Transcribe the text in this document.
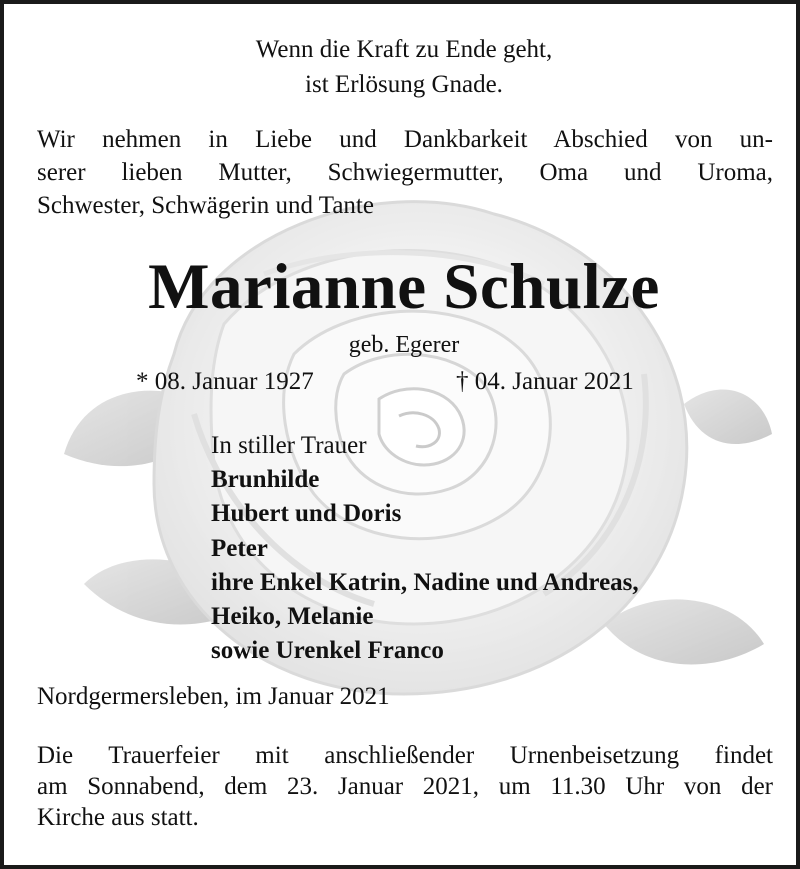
Wenn die Kraft zu Ende geht,
ist Erlösung Gnade.
Wir nehmen in Liebe und Dankbarkeit Abschied von un-
serer lieben Mutter, Schwiegermutter, Oma und Uroma,
Schwester, Schwägerin und Tante
Marianne Schulze
geb. Egerer
* 08. Januar 1927	† 04. Januar 2021
In stiller Trauer
Brunhilde
Hubert und Doris
Peter
ihre Enkel Katrin, Nadine und Andreas,
Heiko, Melanie
sowie Urenkel Franco
Nordgermersleben, im Januar 2021
Die Trauerfeier mit anschließender Urnenbeisetzung findet
am Sonnabend, dem 23. Januar 2021, um 11.30 Uhr von der
Kirche aus statt.
